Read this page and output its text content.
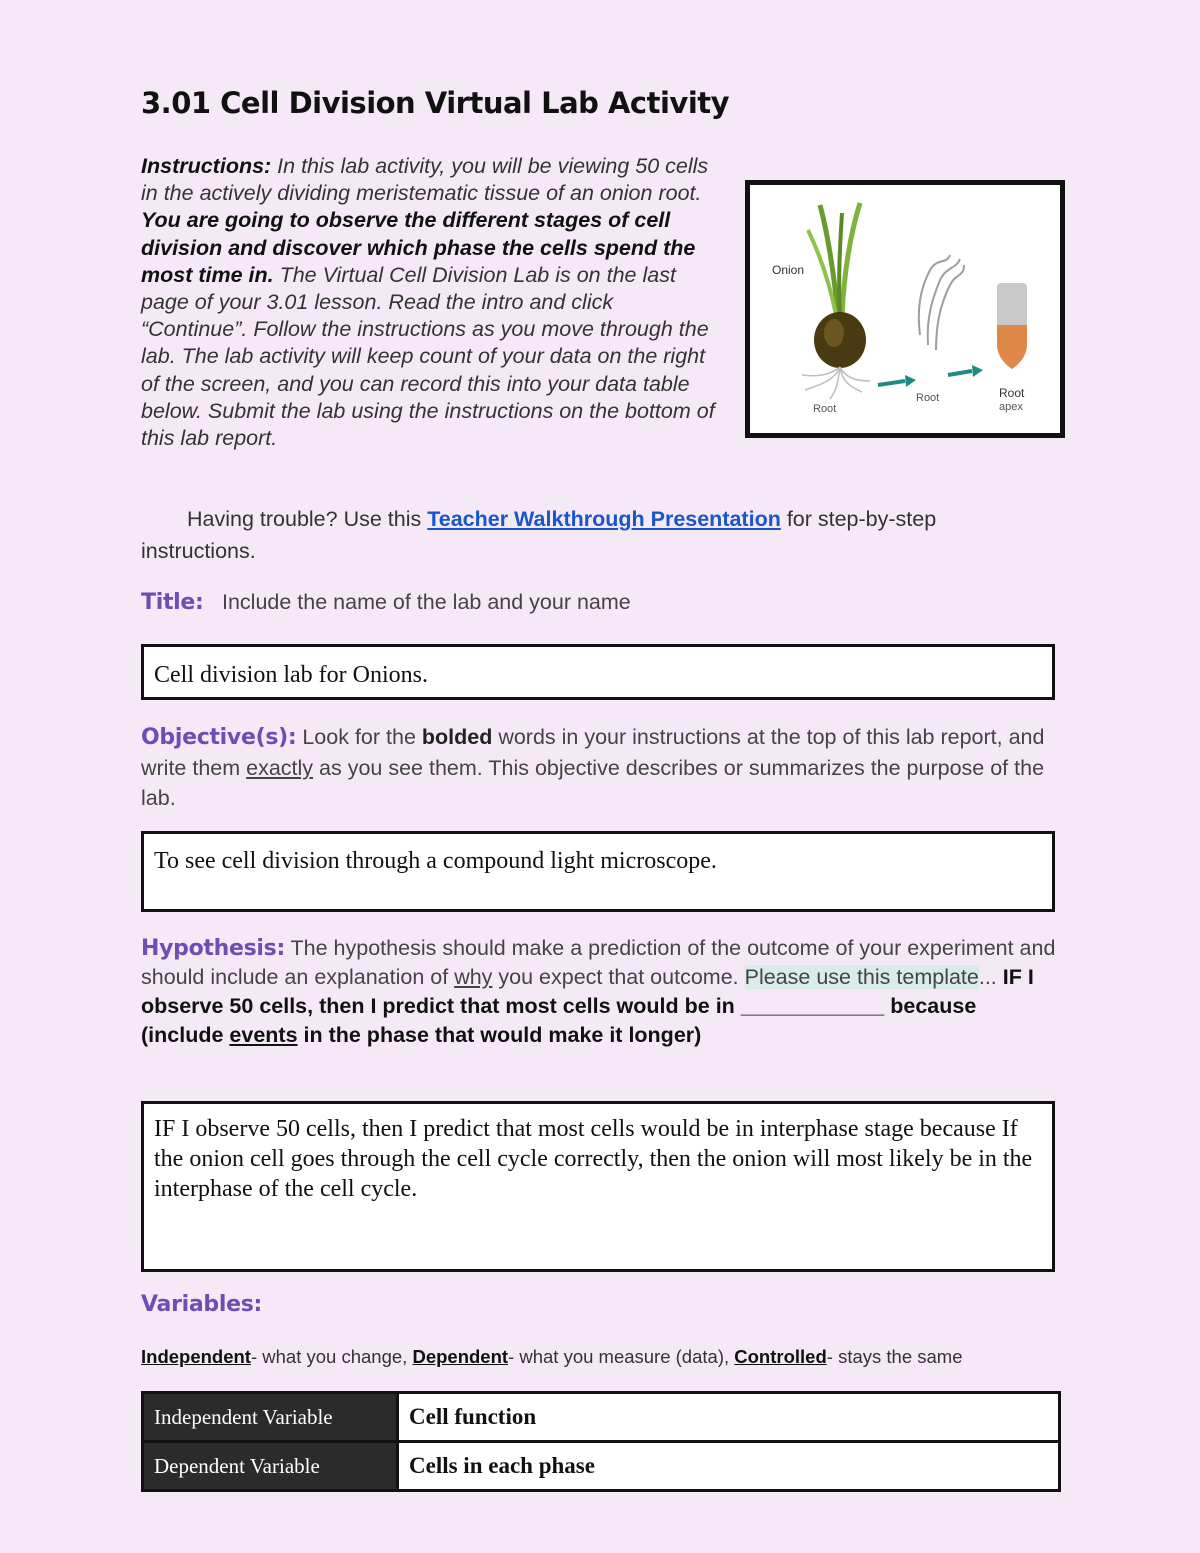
3.01 Cell Division Virtual Lab Activity
Instructions: In this lab activity, you will be viewing 50 cells in the actively dividing meristematic tissue of an onion root. You are going to observe the different stages of cell division and discover which phase the cells spend the most time in. The Virtual Cell Division Lab is on the last page of your 3.01 lesson. Read the intro and click “Continue”. Follow the instructions as you move through the lab. The lab activity will keep count of your data on the right of the screen, and you can record this into your data table below. Submit the lab using the instructions on the bottom of this lab report.
Onion
Root
Root	Root
apex
Having trouble? Use this Teacher Walkthrough Presentation for step-by-step instructions.
Title: Include the name of the lab and your name
Cell division lab for Onions.
Objective(s): Look for the bolded words in your instructions at the top of this lab report, and write them exactly as you see them. This objective describes or summarizes the purpose of the lab.
To see cell division through a compound light microscope.
Hypothesis: The hypothesis should make a prediction of the outcome of your experiment and should include an explanation of why you expect that outcome. Please use this template... IF I observe 50 cells, then I predict that most cells would be in ____________ because (include events in the phase that would make it longer)
IF I observe 50 cells, then I predict that most cells would be in interphase stage because If the onion cell goes through the cell cycle correctly, then the onion will most likely be in the interphase of the cell cycle.
Variables:
Independent- what you change, Dependent- what you measure (data), Controlled- stays the same
Independent Variable	Cell function
Dependent Variable	Cells in each phase
